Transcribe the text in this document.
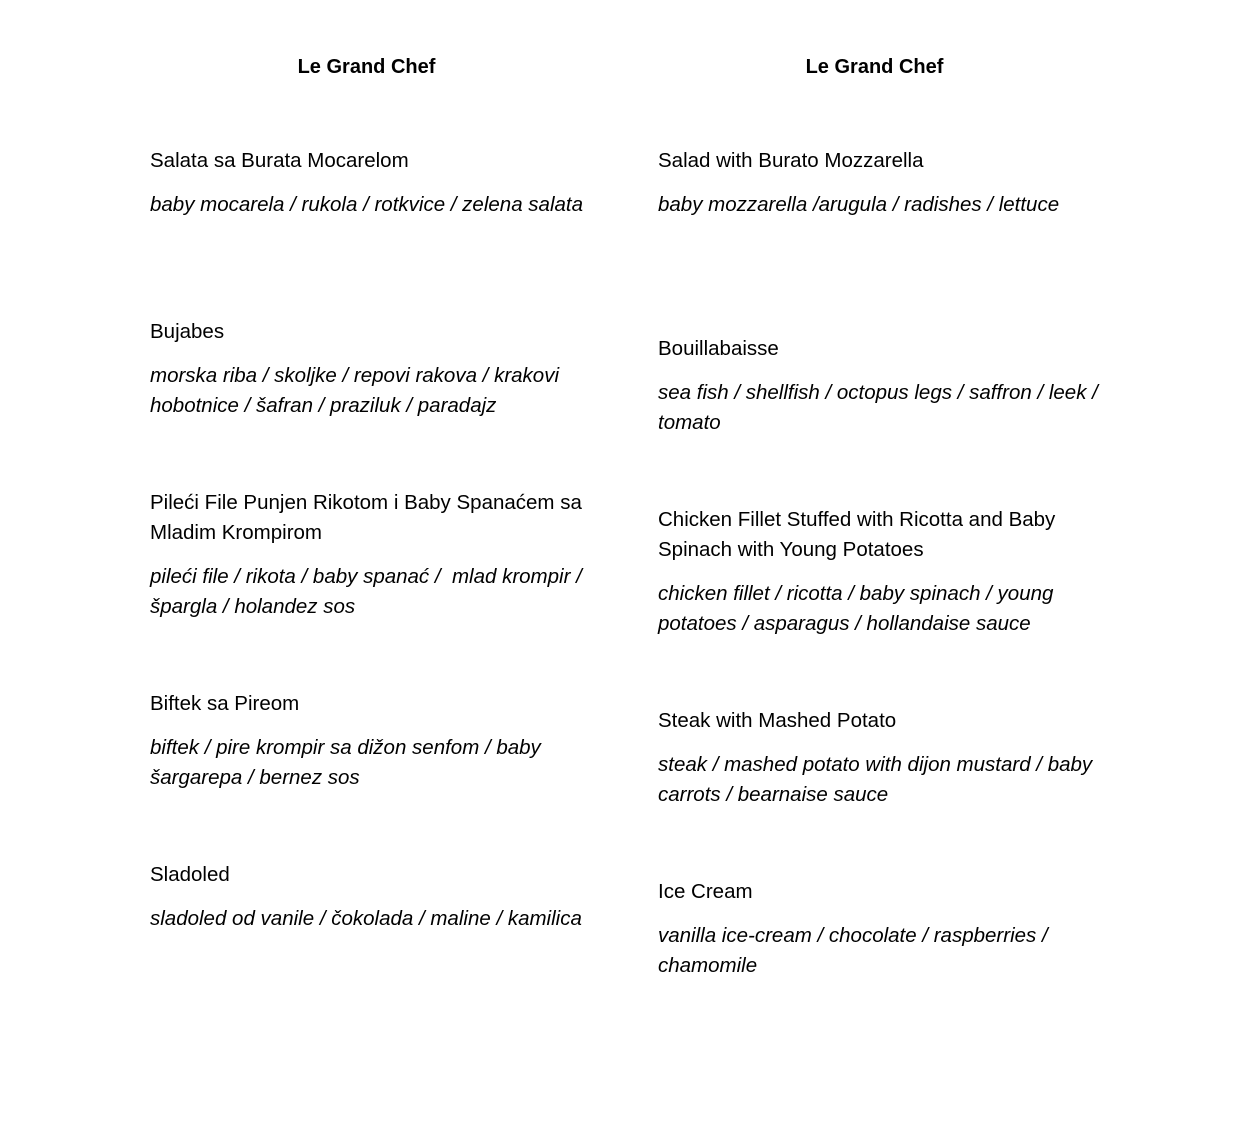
Le Grand Chef

Salata sa Burata Mocarelom

baby mocarela / rukola / rotkvice / zelena salata

Bujabes

morska riba / skoljke / repovi rakova / krakovi hobotnice / šafran / praziluk / paradajz

Pileći File Punjen Rikotom i Baby Spanaćem sa Mladim Krompirom

pileći file / rikota / baby spanać /  mlad krompir / špargla / holandez sos

Biftek sa Pireom

biftek / pire krompir sa dižon senfom / baby šargarepa / bernez sos

Sladoled

sladoled od vanile / čokolada / maline / kamilica

Le Grand Chef

Salad with Burato Mozzarella

baby mozzarella /arugula / radishes / lettuce

Bouillabaisse

sea fish / shellfish / octopus legs / saffron / leek / tomato

Chicken Fillet Stuffed with Ricotta and Baby Spinach with Young Potatoes

chicken fillet / ricotta / baby spinach / young potatoes / asparagus / hollandaise sauce

Steak with Mashed Potato

steak / mashed potato with dijon mustard / baby carrots / bearnaise sauce

Ice Cream

vanilla ice-cream / chocolate / raspberries / chamomile
